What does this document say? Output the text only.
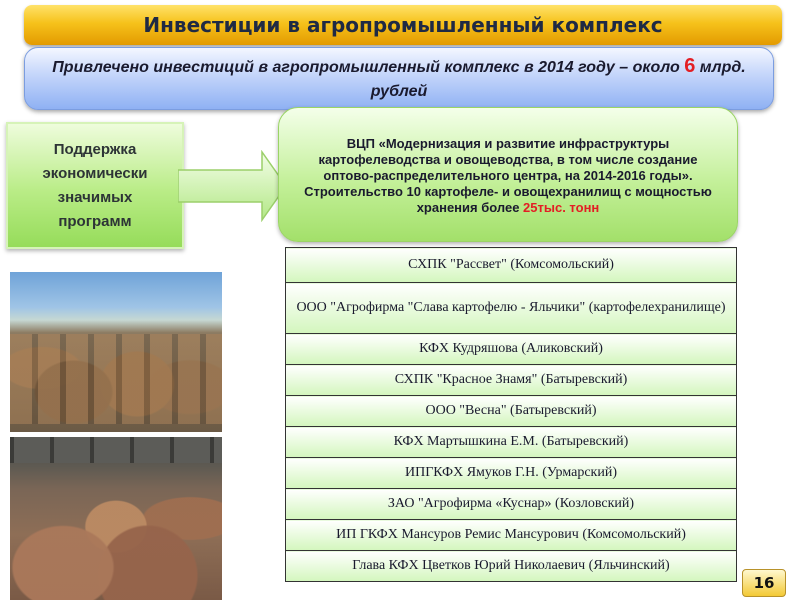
Инвестиции в агропромышленный комплекс

Привлечено инвестиций в агропромышленный комплекс в 2014 году – около 6 млрд. рублей

Поддержка экономически значимых программ

ВЦП «Модернизация и развитие инфраструктуры картофелеводства и овощеводства, в том числе создание оптово-распределительного центра, на 2014-2016 годы».

Строительство 10 картофеле- и овощехранилищ с мощностью хранения более 25тыс. тонн

СХПК "Рассвет" (Комсомольский)
ООО "Агрофирма "Слава картофелю - Яльчики" (картофелехранилище)
КФХ Кудряшова (Аликовский)
СХПК "Красное Знамя" (Батыревский)
ООО "Весна" (Батыревский)
КФХ Мартышкина Е.М. (Батыревский)
ИПГКФХ Ямуков Г.Н. (Урмарский)
ЗАО "Агрофирма «Куснар» (Козловский)
ИП ГКФХ Мансуров Ремис Мансурович (Комсомольский)
Глава КФХ Цветков Юрий Николаевич (Яльчинский)
16
